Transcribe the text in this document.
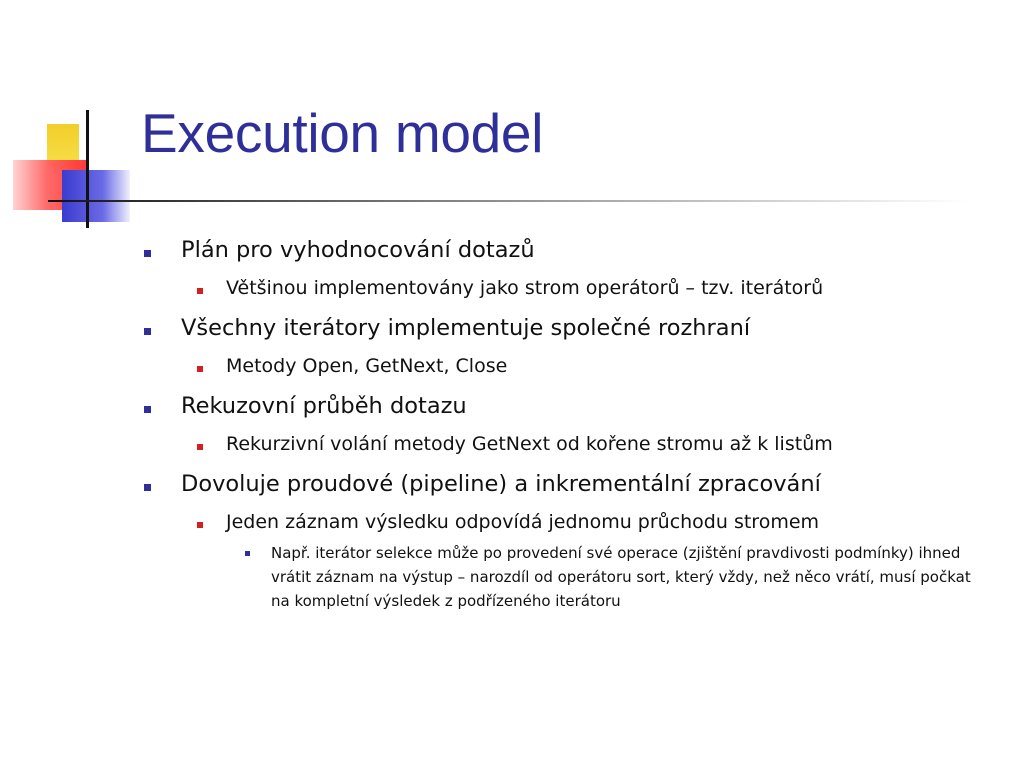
Execution model
Plán pro vyhodnocování dotazů
Většinou implementovány jako strom operátorů – tzv. iterátorů
Všechny iterátory implementuje společné rozhraní
Metody Open, GetNext, Close
Rekuzovní průběh dotazu
Rekurzivní volání metody GetNext od kořene stromu až k listům
Dovoluje proudové (pipeline) a inkrementální zpracování
Jeden záznam výsledku odpovídá jednomu průchodu stromem
Např. iterátor selekce může po provedení své operace (zjištění pravdivosti podmínky) ihned vrátit záznam na výstup – narozdíl od operátoru sort, který vždy, než něco vrátí, musí počkat na kompletní výsledek z podřízeného iterátoru
